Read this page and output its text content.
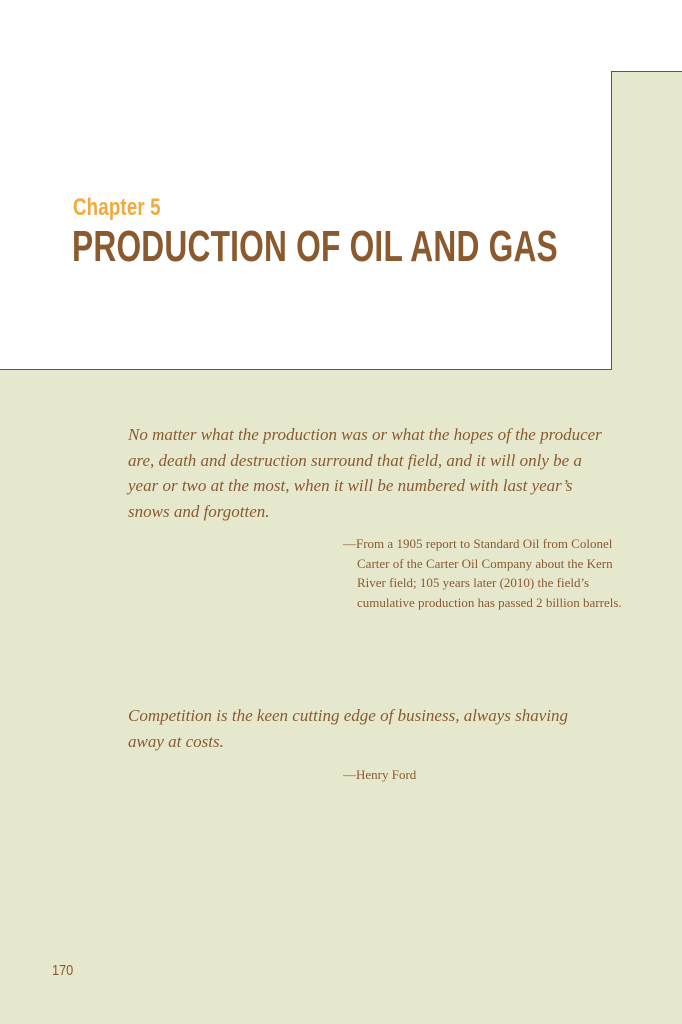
Chapter 5
PRODUCTION OF OIL AND GAS

No matter what the production was or what the hopes of the producer are, death and destruction surround that field, and it will only be a year or two at the most, when it will be numbered with last year’s snows and forgotten.

—From a 1905 report to Standard Oil from Colonel Carter of the Carter Oil Company about the Kern River field; 105 years later (2010) the field’s cumulative production has passed 2 billion barrels.

Competition is the keen cutting edge of business, always shaving away at costs.

—Henry Ford

170
